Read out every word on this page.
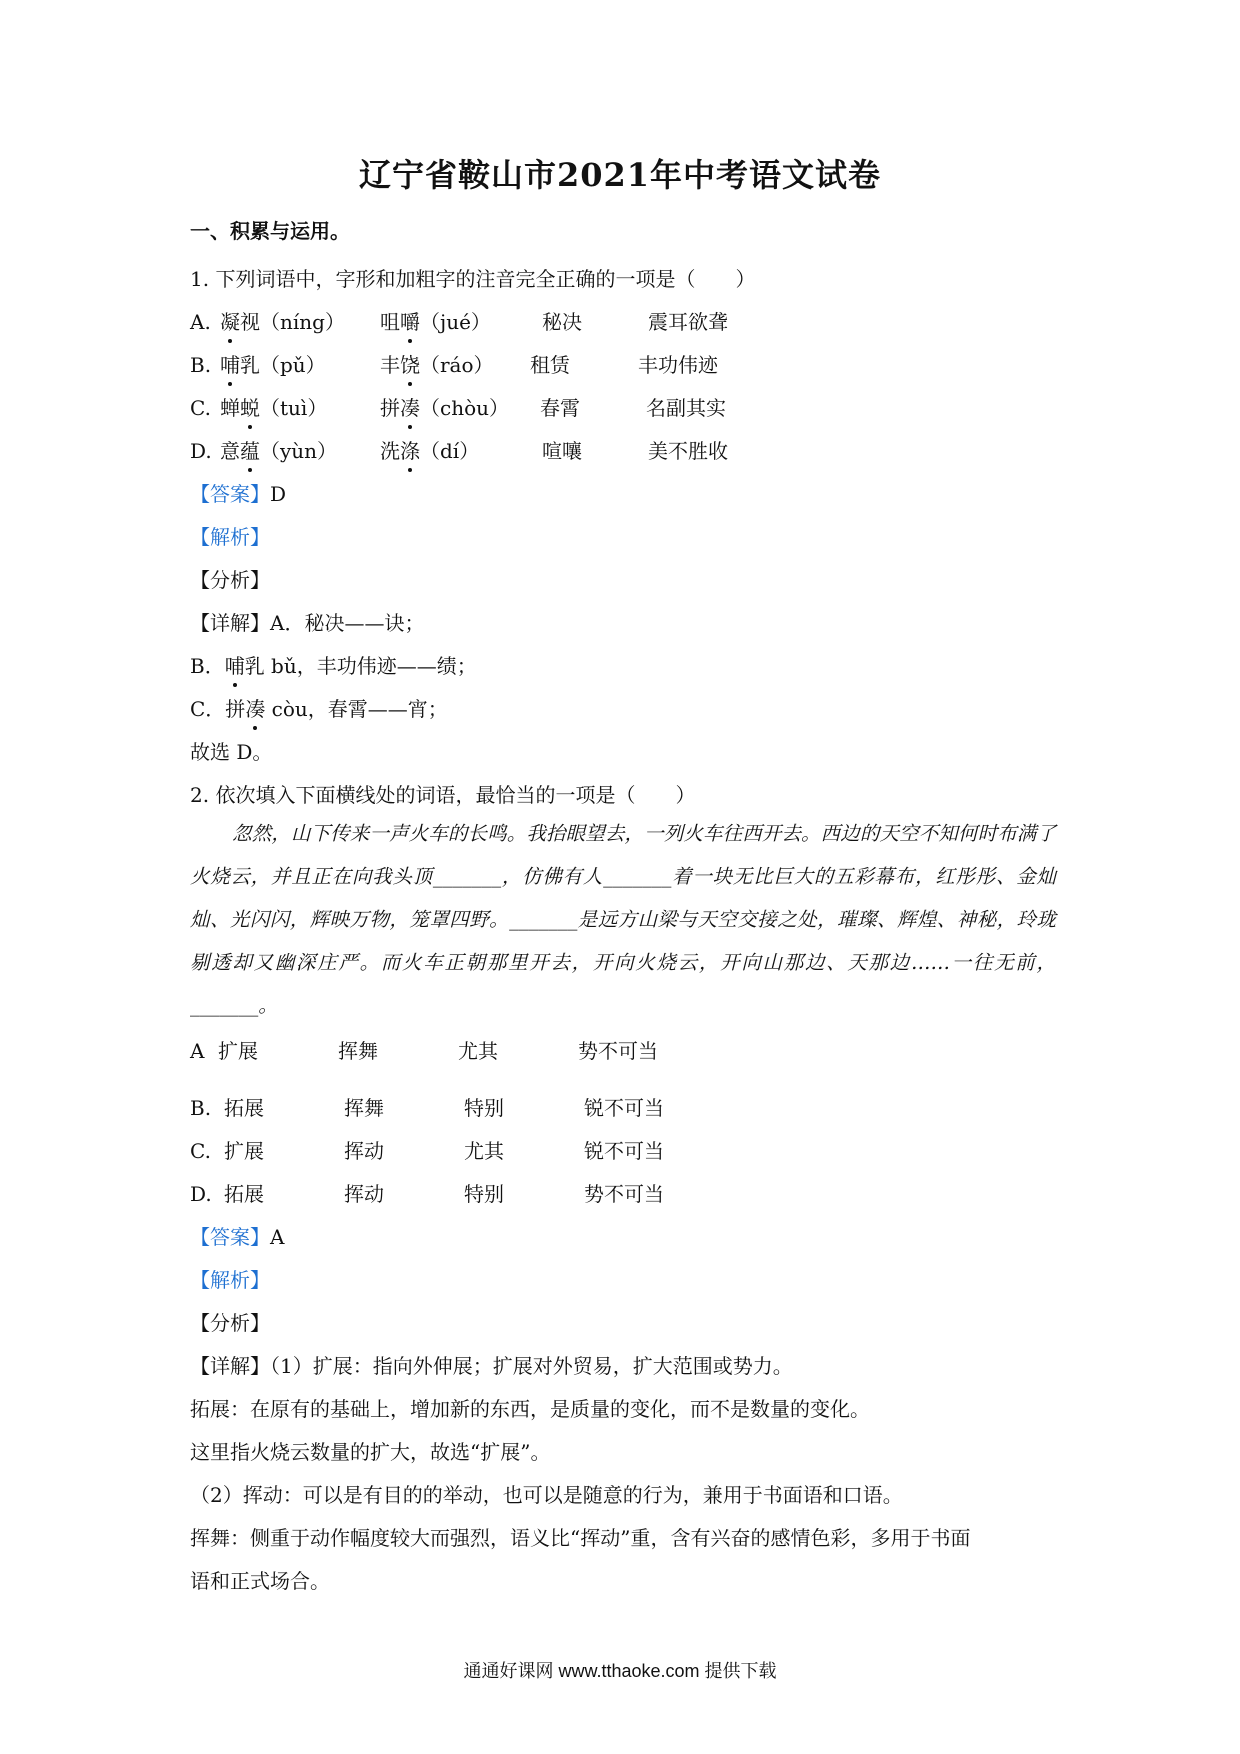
辽宁省鞍山市2021年中考语文试卷
一、积累与运用。
1. 下列词语中，字形和加粗字的注音完全正确的一项是（　　）
A. 凝视（níng） 咀嚼（jué）	秘决	震耳欲聋
B. 哺乳（pǔ）	丰饶（ráo） 租赁	丰功伟迹
C. 蝉蜕（tuì）	拼凑（chòu） 春霄	名副其实
D. 意蕴（yùn） 洗涤（dí）	喧嚷	美不胜收
【答案】D
【解析】
【分析】
【详解】A．秘决——诀；
B．哺乳 bǔ，丰功伟迹——绩；
C．拼凑 còu，春霄——宵；
故选 D。
2. 依次填入下面横线处的词语，最恰当的一项是（　　）
忽然，山下传来一声火车的长鸣。我抬眼望去，一列火车往西开去。西边的天空不知何时布满了火烧云，并且正在向我头顶_______，仿佛有人_______着一块无比巨大的五彩幕布，红彤彤、金灿灿、光闪闪，辉映万物，笼罩四野。_______是远方山梁与天空交接之处，璀璨、辉煌、神秘，玲珑剔透却又幽深庄严。而火车正朝那里开去，开向火烧云，开向山那边、天那边……一往无前，_______。
A 扩展	挥舞	尤其	势不可当
B. 拓展	挥舞	特别	锐不可当
C. 扩展	挥动	尤其	锐不可当
D. 拓展	挥动	特别	势不可当
【答案】A
【解析】
【分析】
【详解】（1）扩展：指向外伸展；扩展对外贸易，扩大范围或势力。
拓展：在原有的基础上，增加新的东西，是质量的变化，而不是数量的变化。
这里指火烧云数量的扩大，故选“扩展”。
（2）挥动：可以是有目的的举动，也可以是随意的行为，兼用于书面语和口语。
挥舞：侧重于动作幅度较大而强烈，语义比“挥动”重，含有兴奋的感情色彩，多用于书面
语和正式场合。
通通好课网 www.tthaoke.com 提供下载
